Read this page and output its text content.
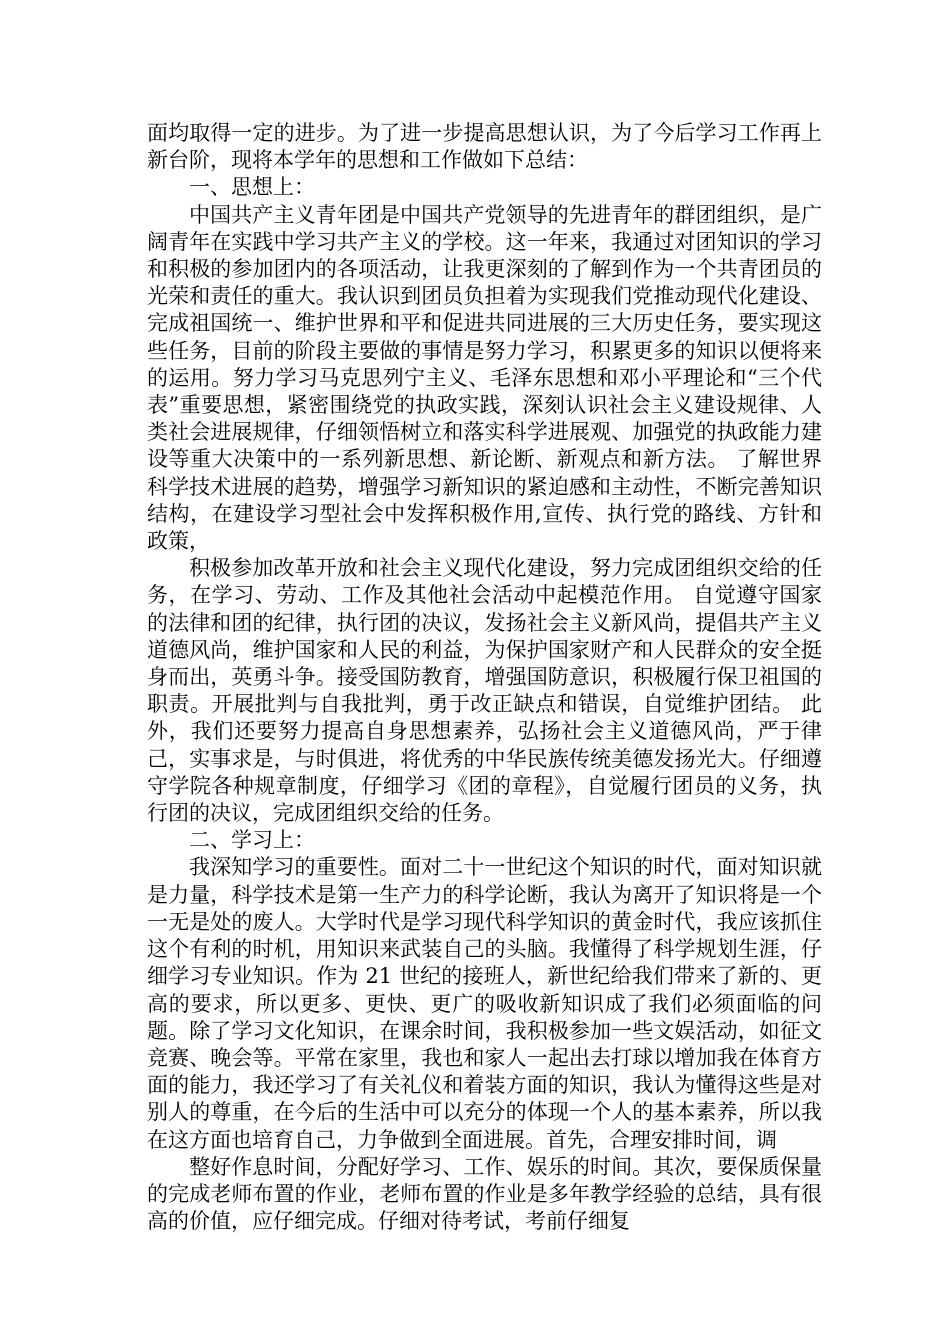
面均取得一定的进步。为了进一步提高思想认识，为了今后学习工作再上新台阶，现将本学年的思想和工作做如下总结：

一、思想上：

中国共产主义青年团是中国共产党领导的先进青年的群团组织，是广阔青年在实践中学习共产主义的学校。这一年来，我通过对团知识的学习和积极的参加团内的各项活动，让我更深刻的了解到作为一个共青团员的光荣和责任的重大。我认识到团员负担着为实现我们党推动现代化建设、完成祖国统一、维护世界和平和促进共同进展的三大历史任务，要实现这些任务，目前的阶段主要做的事情是努力学习，积累更多的知识以便将来的运用。努力学习马克思列宁主义、毛泽东思想和邓小平理论和“三个代表”重要思想，紧密围绕党的执政实践，深刻认识社会主义建设规律、人类社会进展规律，仔细领悟树立和落实科学进展观、加强党的执政能力建设等重大决策中的一系列新思想、新论断、新观点和新方法。 了解世界科学技术进展的趋势，增强学习新知识的紧迫感和主动性，不断完善知识结构，在建设学习型社会中发挥积极作用,宣传、执行党的路线、方针和政策，

积极参加改革开放和社会主义现代化建设，努力完成团组织交给的任务，在学习、劳动、工作及其他社会活动中起模范作用。 自觉遵守国家的法律和团的纪律，执行团的决议，发扬社会主义新风尚，提倡共产主义道德风尚，维护国家和人民的利益，为保护国家财产和人民群众的安全挺身而出，英勇斗争。接受国防教育，增强国防意识，积极履行保卫祖国的职责。开展批判与自我批判，勇于改正缺点和错误，自觉维护团结。 此外，我们还要努力提高自身思想素养，弘扬社会主义道德风尚，严于律己，实事求是，与时俱进，将优秀的中华民族传统美德发扬光大。仔细遵守学院各种规章制度，仔细学习《团的章程》，自觉履行团员的义务，执行团的决议，完成团组织交给的任务。

二、学习上：

我深知学习的重要性。面对二十一世纪这个知识的时代，面对知识就是力量，科学技术是第一生产力的科学论断，我认为离开了知识将是一个一无是处的废人。大学时代是学习现代科学知识的黄金时代，我应该抓住这个有利的时机，用知识来武装自己的头脑。我懂得了科学规划生涯，仔细学习专业知识。作为 21 世纪的接班人，新世纪给我们带来了新的、更高的要求，所以更多、更快、更广的吸收新知识成了我们必须面临的问题。除了学习文化知识，在课余时间，我积极参加一些文娱活动，如征文竞赛、晚会等。平常在家里，我也和家人一起出去打球以增加我在体育方面的能力，我还学习了有关礼仪和着装方面的知识，我认为懂得这些是对别人的尊重，在今后的生活中可以充分的体现一个人的基本素养，所以我在这方面也培育自己，力争做到全面进展。首先，合理安排时间，调

整好作息时间，分配好学习、工作、娱乐的时间。其次，要保质保量的完成老师布置的作业，老师布置的作业是多年教学经验的总结，具有很高的价值，应仔细完成。仔细对待考试，考前仔细复
